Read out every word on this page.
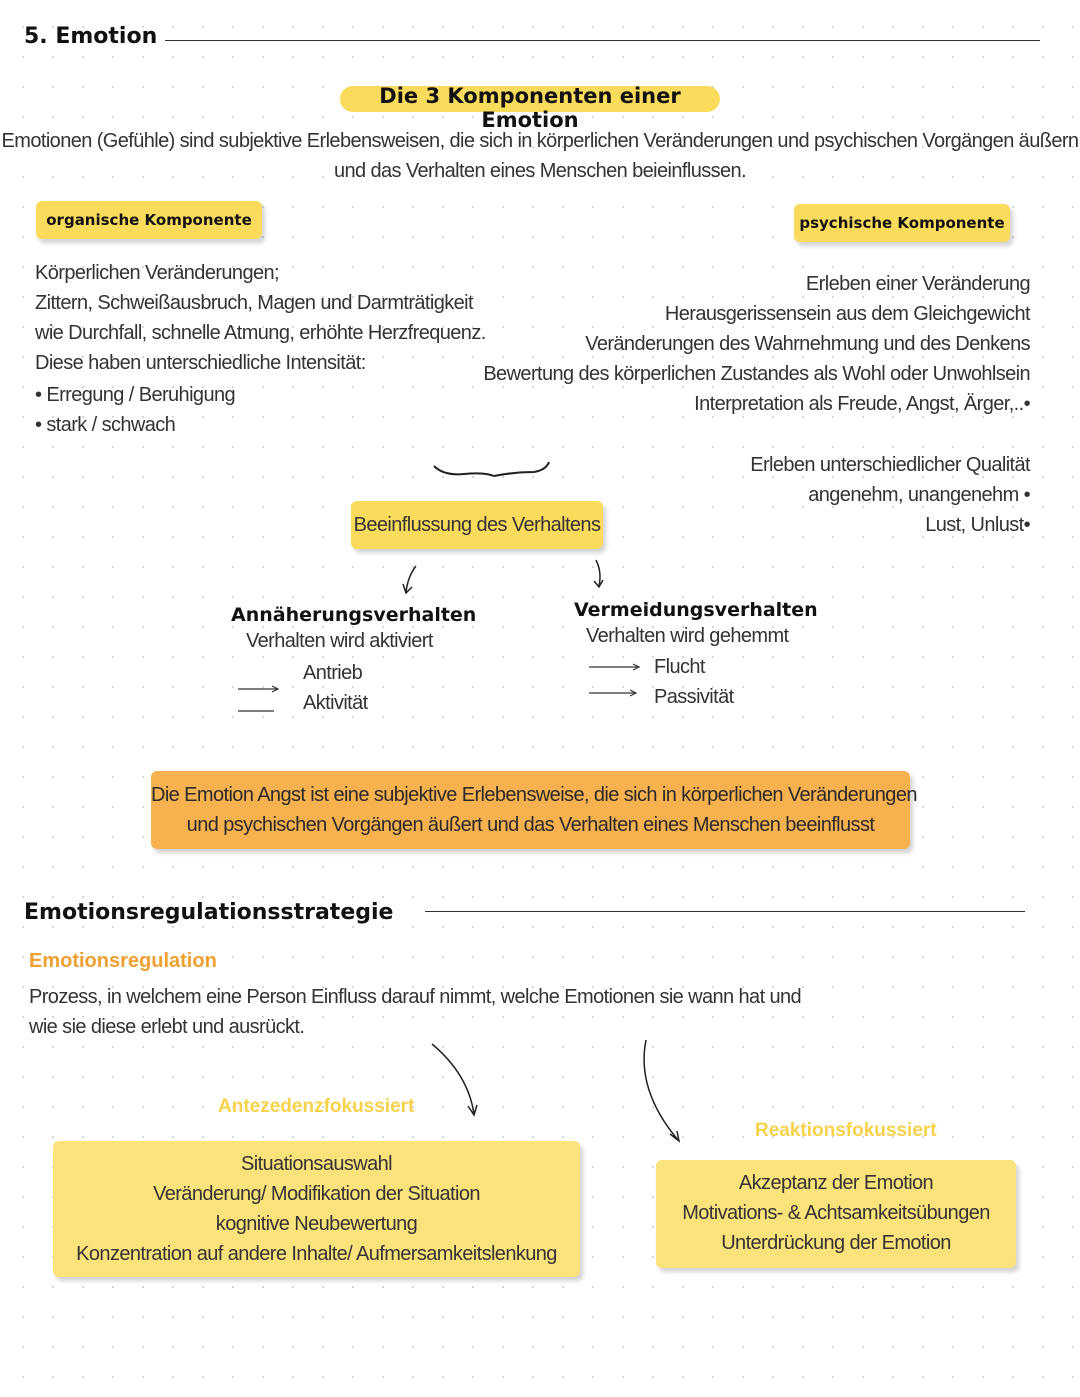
5. Emotion
Die 3 Komponenten einer Emotion
Emotionen (Gefühle) sind subjektive Erlebensweisen, die sich in körperlichen Veränderungen und psychischen Vorgängen äußern
und das Verhalten eines Menschen beieinflussen.
organische Komponente	psychische Komponente
Körperlichen Veränderungen;
Zittern, Schweißausbruch, Magen und Darmträtigkeit
wie Durchfall, schnelle Atmung, erhöhte Herzfrequenz.
Diese haben unterschiedliche Intensität:
• Erregung / Beruhigung
• stark / schwach
Erleben einer Veränderung
Herausgerissensein aus dem Gleichgewicht
Veränderungen des Wahrnehmung und des Denkens
Bewertung des körperlichen Zustandes als Wohl oder Unwohlsein
Interpretation als Freude, Angst, Ärger,..•
Erleben unterschiedlicher Qualität
angenehm, unangenehm •
Lust, Unlust•
Beeinflussung des Verhaltens
Annäherungsverhalten
Verhalten wird aktiviert
Antrieb
Aktivität
Vermeidungsverhalten
Verhalten wird gehemmt
Flucht
Passivität
Die Emotion Angst ist eine subjektive Erlebensweise, die sich in körperlichen Veränderungen
und psychischen Vorgängen äußert und das Verhalten eines Menschen beeinflusst
Emotionsregulationsstrategie
Emotionsregulation
Prozess, in welchem eine Person Einfluss darauf nimmt, welche Emotionen sie wann hat und
wie sie diese erlebt und ausrückt.
Antezedenzfokussiert
Situationsauswahl
Veränderung/ Modifikation der Situation
kognitive Neubewertung
Konzentration auf andere Inhalte/ Aufmersamkeitslenkung
Reaktionsfokussiert
Akzeptanz der Emotion
Motivations- & Achtsamkeitsübungen
Unterdrückung der Emotion
